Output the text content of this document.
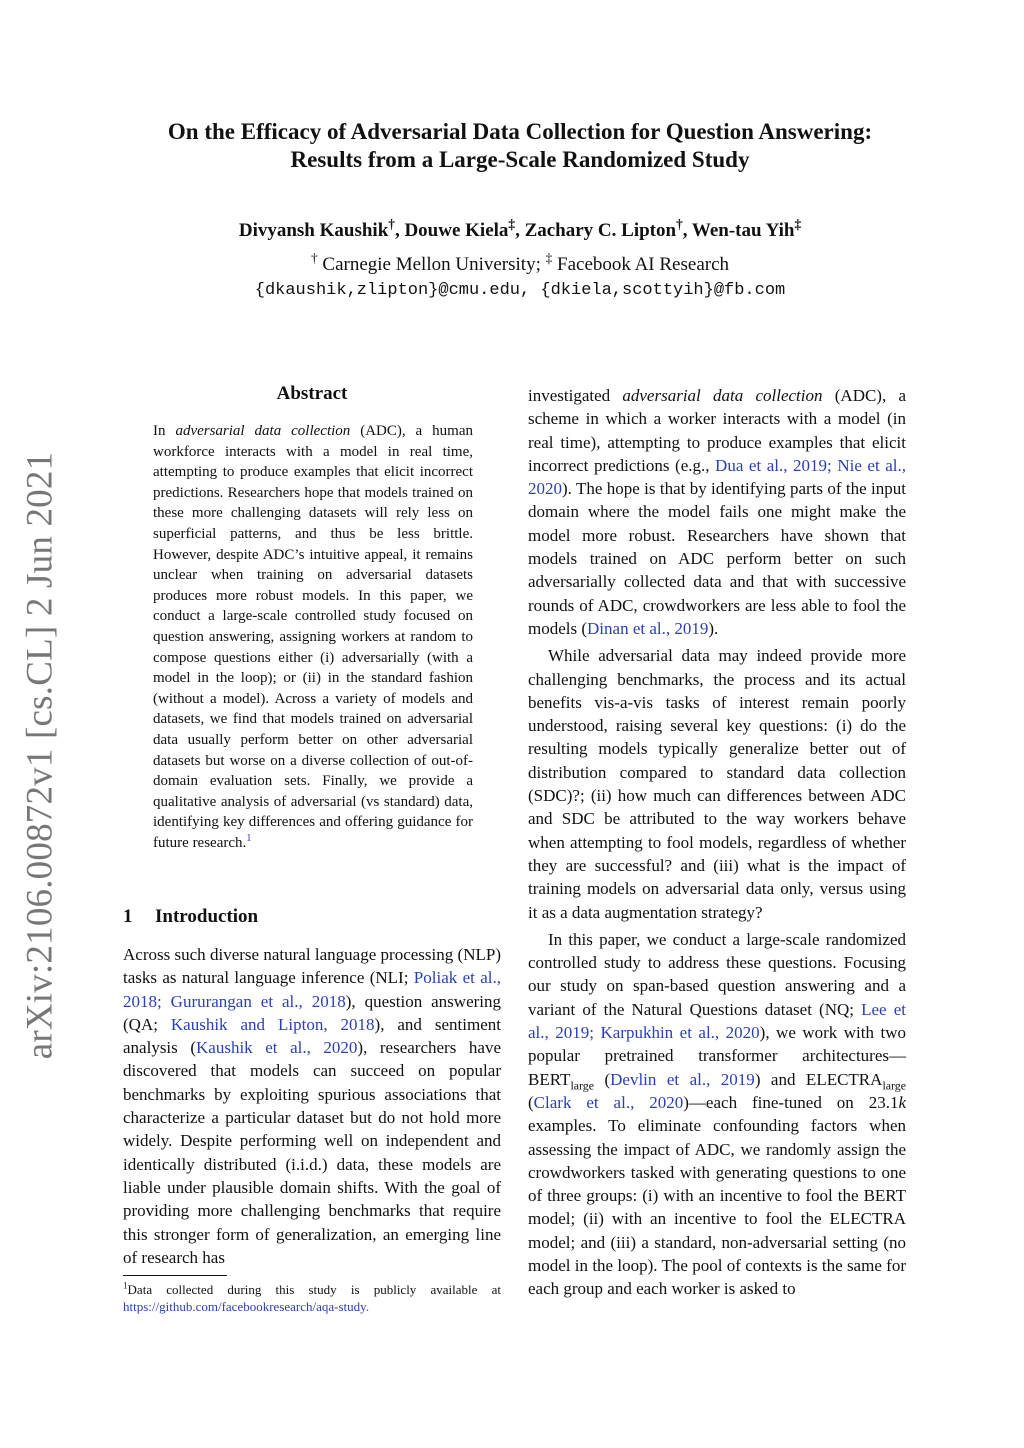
arXiv:2106.00872v1 [cs.CL] 2 Jun 2021
On the Efficacy of Adversarial Data Collection for Question Answering:
Results from a Large-Scale Randomized Study
Divyansh Kaushik†, Douwe Kiela‡, Zachary C. Lipton†, Wen-tau Yih‡
† Carnegie Mellon University; ‡ Facebook AI Research
{dkaushik,zlipton}@cmu.edu, {dkiela,scottyih}@fb.com
Abstract
In adversarial data collection (ADC), a human workforce interacts with a model in real time, attempting to produce examples that elicit incorrect predictions. Researchers hope that models trained on these more challenging datasets will rely less on superficial patterns, and thus be less brittle. However, despite ADC’s intuitive appeal, it remains unclear when training on adversarial datasets produces more robust models. In this paper, we conduct a large-scale controlled study focused on question answering, assigning workers at random to compose questions either (i) adversarially (with a model in the loop); or (ii) in the standard fashion (without a model). Across a variety of models and datasets, we find that models trained on adversarial data usually perform better on other adversarial datasets but worse on a diverse collection of out-of-domain evaluation sets. Finally, we provide a qualitative analysis of adversarial (vs standard) data, identifying key differences and offering guidance for future research.$^1$
1 Introduction
Across such diverse natural language processing (NLP) tasks as natural language inference (NLI; Poliak et al., 2018; Gururangan et al., 2018), question answering (QA; Kaushik and Lipton, 2018), and sentiment analysis (Kaushik et al., 2020), researchers have discovered that models can succeed on popular benchmarks by exploiting spurious associations that characterize a particular dataset but do not hold more widely. Despite performing well on independent and identically distributed (i.i.d.) data, these models are liable under plausible domain shifts. With the goal of providing more challenging benchmarks that require this stronger form of generalization, an emerging line of research has
$^1$Data collected during this study is publicly available at https://github.com/facebookresearch/aqa-study.

investigated adversarial data collection (ADC), a scheme in which a worker interacts with a model (in real time), attempting to produce examples that elicit incorrect predictions (e.g., Dua et al., 2019; Nie et al., 2020). The hope is that by identifying parts of the input domain where the model fails one might make the model more robust. Researchers have shown that models trained on ADC perform better on such adversarially collected data and that with successive rounds of ADC, crowdworkers are less able to fool the models (Dinan et al., 2019).

While adversarial data may indeed provide more challenging benchmarks, the process and its actual benefits vis-a-vis tasks of interest remain poorly understood, raising several key questions: (i) do the resulting models typically generalize better out of distribution compared to standard data collection (SDC)?; (ii) how much can differences between ADC and SDC be attributed to the way workers behave when attempting to fool models, regardless of whether they are successful? and (iii) what is the impact of training models on adversarial data only, versus using it as a data augmentation strategy?

In this paper, we conduct a large-scale randomized controlled study to address these questions. Focusing our study on span-based question answering and a variant of the Natural Questions dataset (NQ; Lee et al., 2019; Karpukhin et al., 2020), we work with two popular pretrained transformer $architectures—BERT_{large}$ (Devlin et al., 2019) and $ELECTRA_{large}$ (Clark et al., 2020)—each fine-tuned on 23.1k examples. To eliminate confounding factors when assessing the impact of ADC, we randomly assign the crowdworkers tasked with generating questions to one of three groups: (i) with an incentive to fool the BERT model; (ii) with an incentive to fool the ELECTRA model; and (iii) a standard, non-adversarial setting (no model in the loop). The pool of contexts is the same for each group and each worker is asked to
